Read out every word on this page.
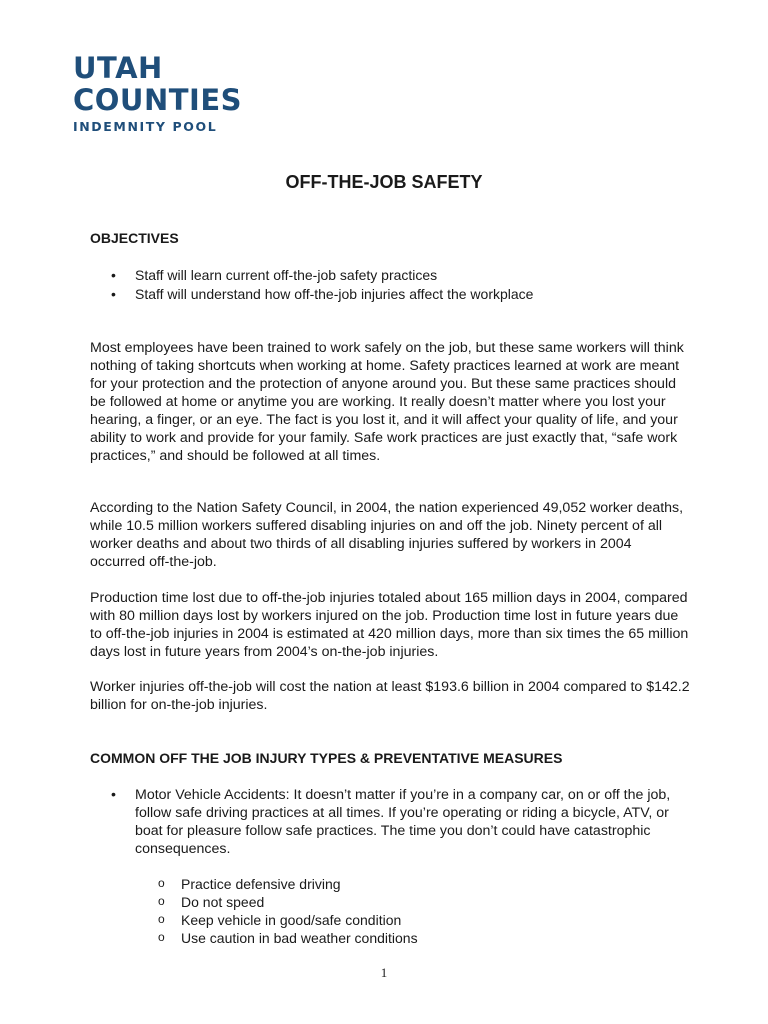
UTAH
COUNTIES
INDEMNITY POOL
OFF-THE-JOB SAFETY
OBJECTIVES
• Staff will learn current off-the-job safety practices
• Staff will understand how off-the-job injuries affect the workplace

Most employees have been trained to work safely on the job, but these same workers will think nothing of taking shortcuts when working at home. Safety practices learned at work are meant for your protection and the protection of anyone around you. But these same practices should be followed at home or anytime you are working. It really doesn’t matter where you lost your hearing, a finger, or an eye. The fact is you lost it, and it will affect your quality of life, and your ability to work and provide for your family. Safe work practices are just exactly that, “safe work practices,” and should be followed at all times.

According to the Nation Safety Council, in 2004, the nation experienced 49,052 worker deaths, while 10.5 million workers suffered disabling injuries on and off the job. Ninety percent of all worker deaths and about two thirds of all disabling injuries suffered by workers in 2004 occurred off-the-job.

Production time lost due to off-the-job injuries totaled about 165 million days in 2004, compared with 80 million days lost by workers injured on the job. Production time lost in future years due to off-the-job injuries in 2004 is estimated at 420 million days, more than six times the 65 million days lost in future years from 2004’s on-the-job injuries.

Worker injuries off-the-job will cost the nation at least $193.6 billion in 2004 compared to $142.2 billion for on-the-job injuries.

COMMON OFF THE JOB INJURY TYPES & PREVENTATIVE MEASURES
• Motor Vehicle Accidents: It doesn’t matter if you’re in a company car, on or off the job, follow safe driving practices at all times. If you’re operating or riding a bicycle, ATV, or boat for pleasure follow safe practices. The time you don’t could have catastrophic consequences.
o Practice defensive driving
o Do not speed
o Keep vehicle in good/safe condition
o Use caution in bad weather conditions
1
